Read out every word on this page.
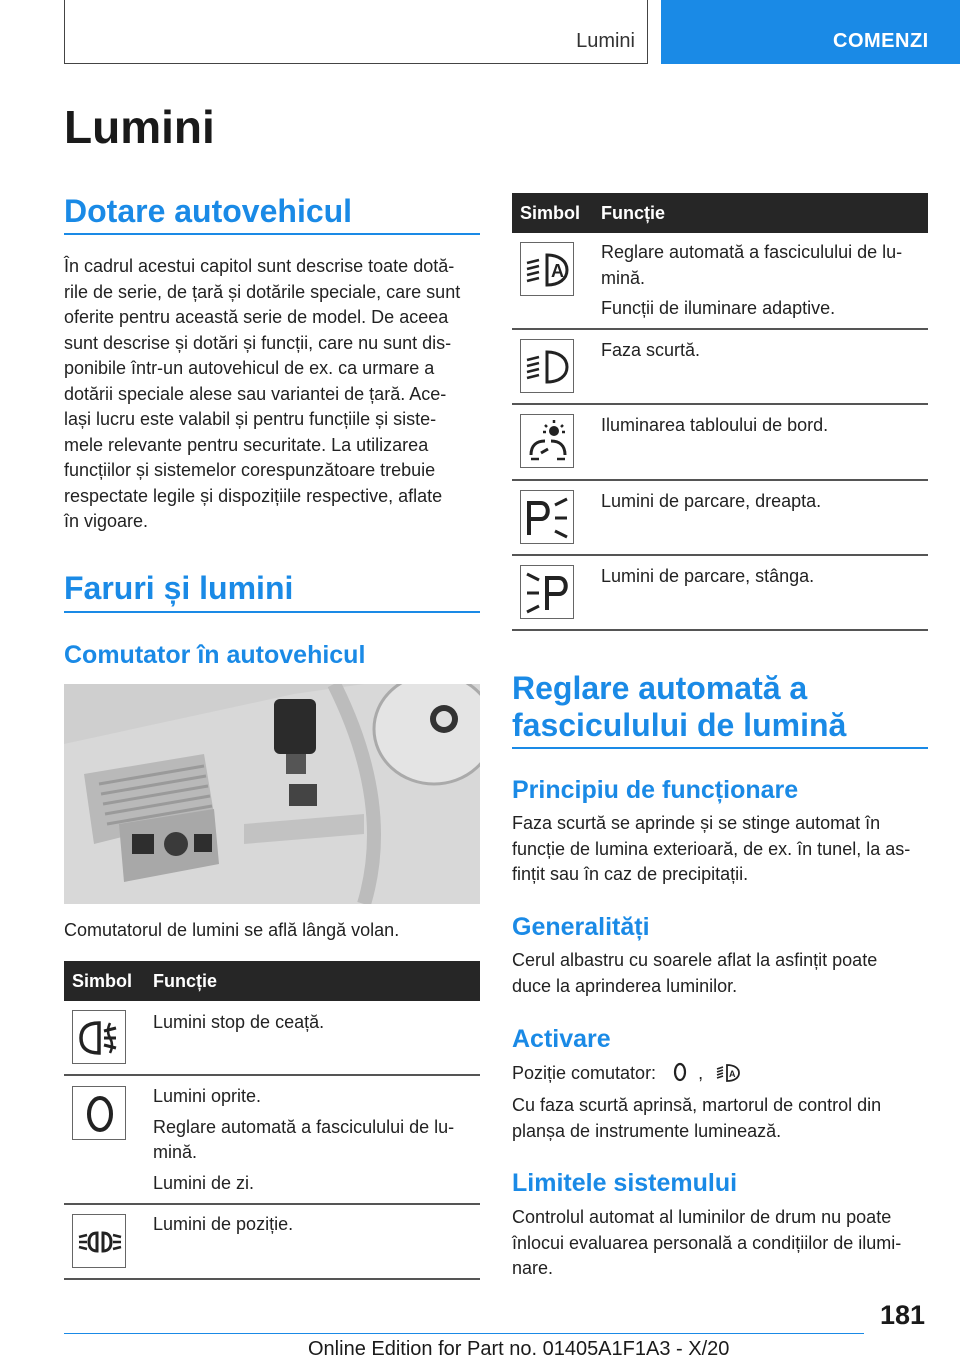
Lumini	COMENZI
Lumini
Dotare autovehicul
În cadrul acestui capitol sunt descrise toate dotă-
rile de serie, de țară și dotările speciale, care sunt
oferite pentru această serie de model. De aceea
sunt descrise și dotări și funcții, care nu sunt dis-
ponibile într-un autovehicul de ex. ca urmare a
dotării speciale alese sau variantei de țară. Ace-
lași lucru este valabil și pentru funcțiile și siste-
mele relevante pentru securitate. La utilizarea
funcțiilor și sistemelor corespunzătoare trebuie
respectate legile și dispozițiile respective, aflate
în vigoare.
Faruri și lumini
Comutator în autovehicul
Comutatorul de lumini se află lângă volan.
Simbol Funcție

Lumini stop de ceață.

Lumini oprite.

Reglare automată a fasciculului de lu-
mină.

Lumini de zi.

Lumini de poziție.

Simbol Funcție
A

Reglare automată a fasciculului de lu-
mină.

Funcții de iluminare adaptive.

Faza scurtă.

Iluminarea tabloului de bord.

Lumini de parcare, dreapta.

Lumini de parcare, stânga.

Reglare automată a
fasciculului de lumină
Principiu de funcționare
Faza scurtă se aprinde și se stinge automat în
funcție de lumina exterioară, de ex. în tunel, la as-
fințit sau în caz de precipitații.
Generalități
Cerul albastru cu soarele aflat la asfințit poate
duce la aprinderea luminilor.
Activare
Poziție comutator: ,	A
Cu faza scurtă aprinsă, martorul de control din
planșa de instrumente luminează.
Limitele sistemului
Controlul automat al luminilor de drum nu poate
înlocui evaluarea personală a condițiilor de ilumi-
nare.
181
Online Edition for Part no. 01405A1F1A3 - X/20
